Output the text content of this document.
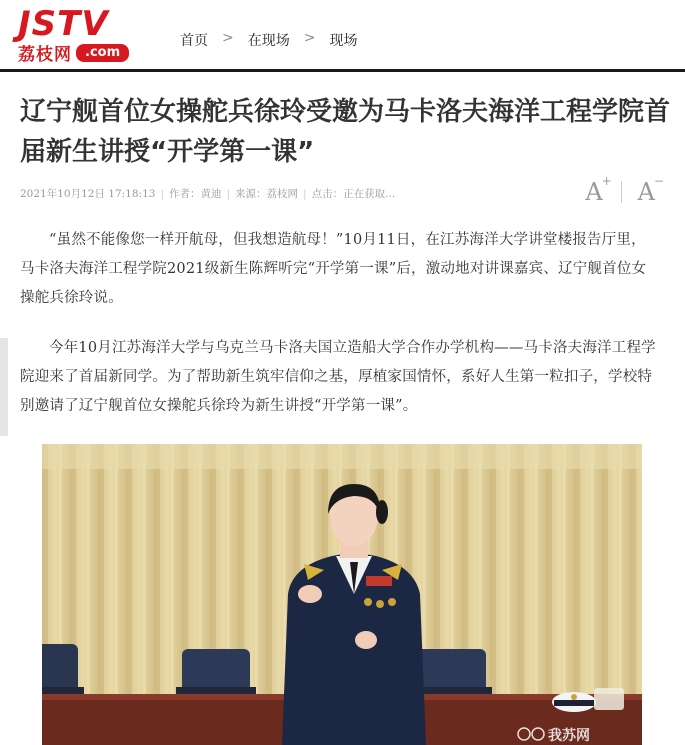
JSTV
荔枝网	.com
首页 > 在现场 > 现场
辽宁舰首位女操舵兵徐玲受邀为马卡洛夫海洋工程学院首届新生讲授“开学第一课”
2021年10月12日 17:18:13 | 作者：黄迪 | 来源：荔枝网 | 点击：正在获取...	A
+ A
−

“虽然不能像您一样开航母，但我想造航母！”10月11日，在江苏海洋大学讲堂楼报告厅里，马卡洛夫海洋工程学院2021级新生陈辉听完“开学第一课”后，激动地对讲课嘉宾、辽宁舰首位女操舵兵徐玲说。

今年10月江苏海洋大学与乌克兰马卡洛夫国立造船大学合作办学机构——马卡洛夫海洋工程学院迎来了首届新同学。为了帮助新生筑牢信仰之基，厚植家国情怀，系好人生第一粒扣子，学校特别邀请了辽宁舰首位女操舵兵徐玲为新生讲授“开学第一课”。

我苏网
